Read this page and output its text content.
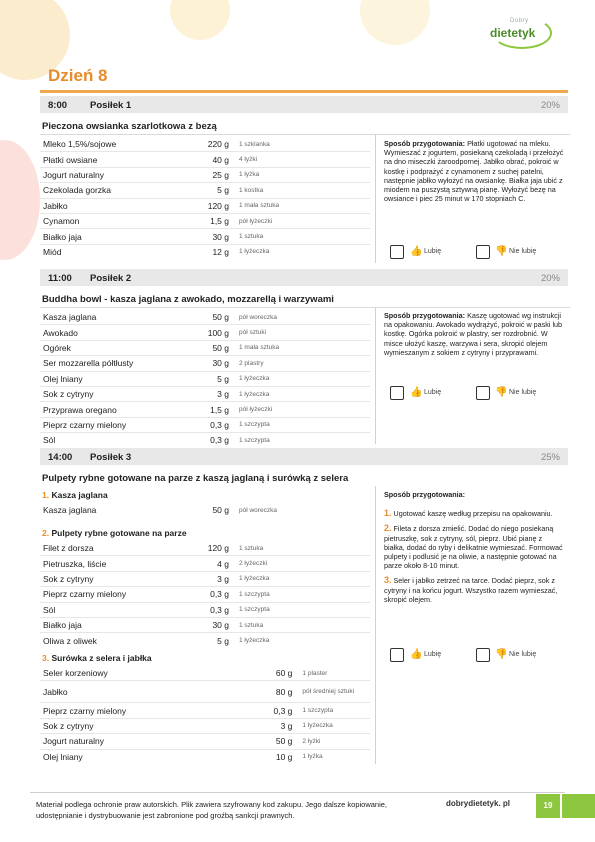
Dobry
dietetyk
Dzień 8
8:00 Posiłek 1	20%
Pieczona owsianka szarlotkowa z bezą
Mleko 1,5%/sojowe	220 g	1 szklanka
Płatki owsiane	40 g	4 łyżki
Jogurt naturalny	25 g	1 łyżka
Czekolada gorzka	5 g	1 kostka
Jabłko	120 g	1 mała sztuka
Cynamon	1,5 g	pół łyżeczki
Białko jaja	30 g	1 sztuka
Miód	12 g	1 łyżeczka
Sposób przygotowania: Płatki ugotować na mleku. Wymieszać z jogurtem, posiekaną czekoladą i przełożyć na dno miseczki żaroodpornej. Jabłko obrać, pokroić w kostkę i podprażyć z cynamonem z suchej patelni, następnie jabłko wyłożyć na owsiankę. Białka jaja ubić z miodem na puszystą sztywną pianę. Wyłożyć bezę na owsiance i piec 25 minut w 170 stopniach C.
👍 Lubię	👎 Nie lubię
11:00 Posiłek 2	20%
Buddha bowl - kasza jaglana z awokado, mozzarellą i warzywami
Kasza jaglana	50 g	pół woreczka
Awokado	100 g	pół sztuki
Ogórek	50 g	1 mała sztuka
Ser mozzarella półtłusty	30 g	2 plastry
Olej lniany	5 g	1 łyżeczka
Sok z cytryny	3 g	1 łyżeczka
Przyprawa oregano	1,5 g	pół łyżeczki
Pieprz czarny mielony	0,3 g	1 szczypta
Sól	0,3 g	1 szczypta
Sposób przygotowania: Kaszę ugotować wg instrukcji na opakowaniu. Awokado wydrążyć, pokroić w paski lub kostkę. Ogórka pokroić w plastry, ser rozdrobnić. W misce ułożyć kaszę, warzywa i sera, skropić olejem wymieszanym z sokiem z cytryny i przyprawami.
👍 Lubię	👎 Nie lubię
14:00 Posiłek 3	25%
Pulpety rybne gotowane na parze z kaszą jaglaną i surówką z selera
1. Kasza jaglana
Kasza jaglana	50 g	pół woreczka
2. Pulpety rybne gotowane na parze
Filet z dorsza	120 g	1 sztuka
Pietruszka, liście	4 g	2 łyżeczki
Sok z cytryny	3 g	1 łyżeczka
Pieprz czarny mielony	0,3 g	1 szczypta
Sól	0,3 g	1 szczypta
Białko jaja	30 g	1 sztuka
Oliwa z oliwek	5 g	1 łyżeczka
3. Surówka z selera i jabłka
Seler korzeniowy	60 g	1 plaster
Jabłko	80 g	pół średniej sztuki
Pieprz czarny mielony	0,3 g	1 szczypta
Sok z cytryny	3 g	1 łyżeczka
Jogurt naturalny	50 g	2 łyżki
Olej lniany	10 g	1 łyżka

Sposób przygotowania:

1. Ugotować kaszę według przepisu na opakowaniu.

2. Fileta z dorsza zmielić. Dodać do niego posiekaną pietruszkę, sok z cytryny, sól, pieprz. Ubić pianę z białka, dodać do ryby i delikatnie wymieszać. Formować pulpety i podlusić je na oliwie, a następnie gotować na parze około 8-10 minut.

3. Seler i jabłko zetrzeć na tarce. Dodać pieprz, sok z cytryny i na końcu jogurt. Wszystko razem wymieszać, skropić olejem.

👍 Lubię	👎 Nie lubię
Materiał podlega ochronie praw autorskich. Plik zawiera szyfrowany kod zakupu. Jego dalsze kopiowanie, udostępnianie i dystrybuowanie jest zabronione pod groźbą sankcji prawnych.
dobrydietetyk. pl	19
